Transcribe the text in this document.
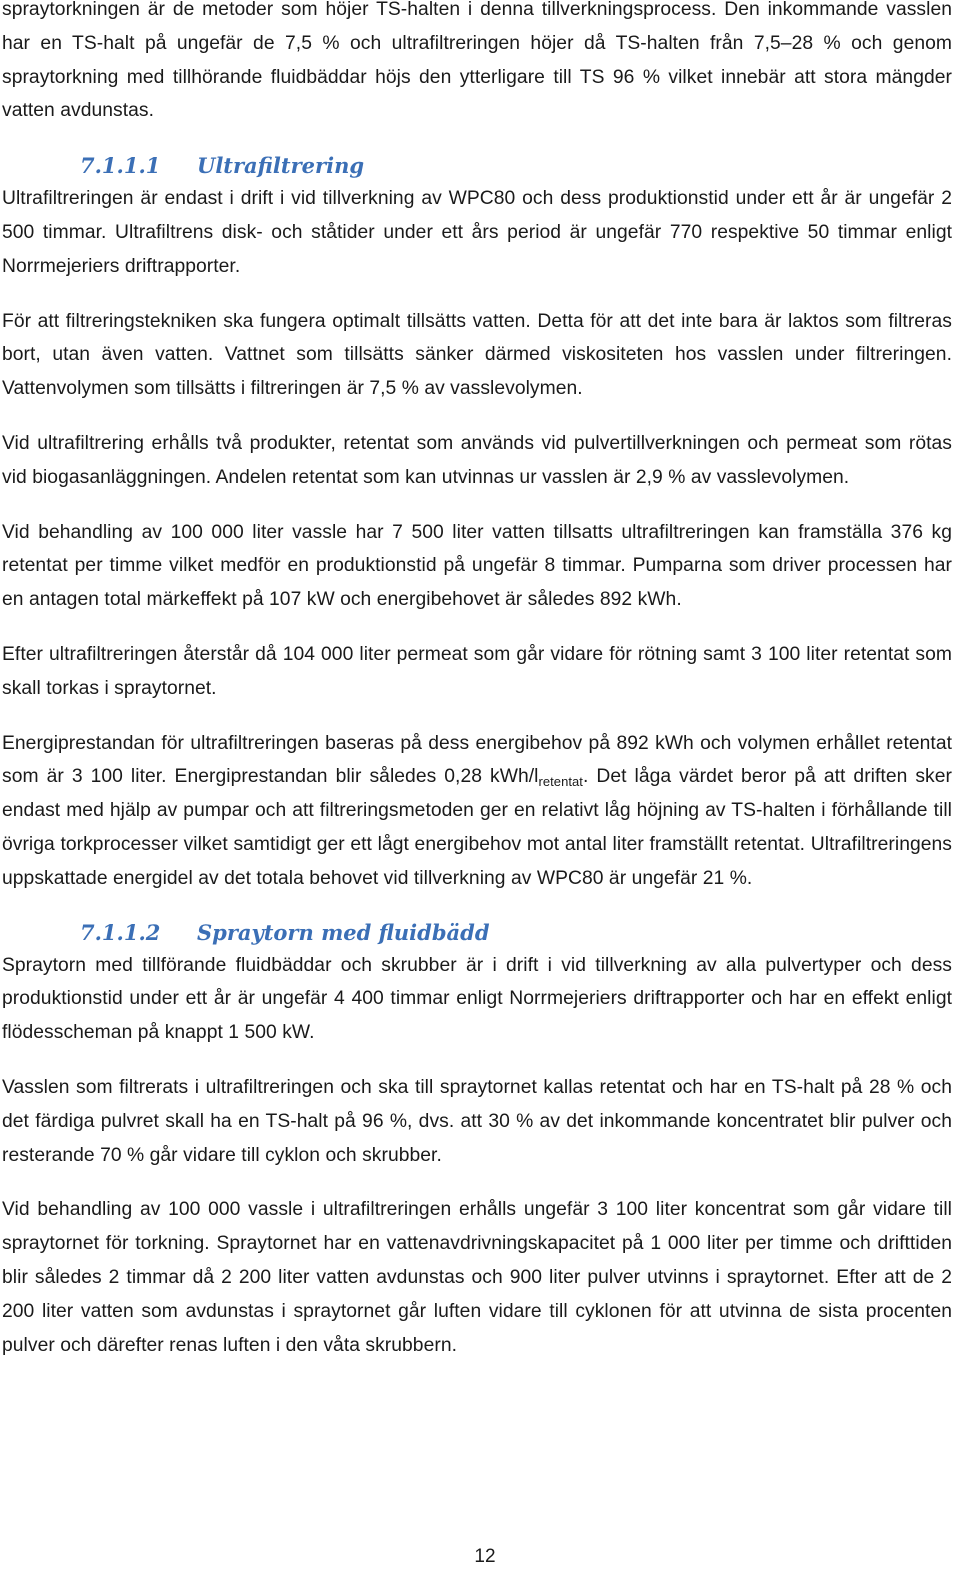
spraytorkningen är de metoder som höjer TS-halten i denna tillverkningsprocess. Den inkommande vasslen har en TS-halt på ungefär de 7,5 % och ultrafiltreringen höjer då TS-halten från 7,5–28 % och genom spraytorkning med tillhörande fluidbäddar höjs den ytterligare till TS 96 % vilket innebär att stora mängder vatten avdunstas.

7.1.1.1	Ultrafiltrering

Ultrafiltreringen är endast i drift i vid tillverkning av WPC80 och dess produktionstid under ett år är ungefär 2 500 timmar. Ultrafiltrens disk- och ståtider under ett års period är ungefär 770 respektive 50 timmar enligt Norrmejeriers driftrapporter.

För att filtreringstekniken ska fungera optimalt tillsätts vatten. Detta för att det inte bara är laktos som filtreras bort, utan även vatten. Vattnet som tillsätts sänker därmed viskositeten hos vasslen under filtreringen. Vattenvolymen som tillsätts i filtreringen är 7,5 % av vasslevolymen.

Vid ultrafiltrering erhålls två produkter, retentat som används vid pulvertillverkningen och permeat som rötas vid biogasanläggningen. Andelen retentat som kan utvinnas ur vasslen är 2,9 % av vasslevolymen.

Vid behandling av 100 000 liter vassle har 7 500 liter vatten tillsatts ultrafiltreringen kan framställa 376 kg retentat per timme vilket medför en produktionstid på ungefär 8 timmar. Pumparna som driver processen har en antagen total märkeffekt på 107 kW och energibehovet är således 892 kWh.

Efter ultrafiltreringen återstår då 104 000 liter permeat som går vidare för rötning samt 3 100 liter retentat som skall torkas i spraytornet.

Energiprestandan för ultrafiltreringen baseras på dess energibehov på 892 kWh och volymen erhållet retentat som är 3 100 liter. Energiprestandan blir således 0,28 kWh/$l_{retentat}$. Det låga värdet beror på att driften sker endast med hjälp av pumpar och att filtreringsmetoden ger en relativt låg höjning av TS-halten i förhållande till övriga torkprocesser vilket samtidigt ger ett lågt energibehov mot antal liter framställt retentat. Ultrafiltreringens uppskattade energidel av det totala behovet vid tillverkning av WPC80 är ungefär 21 %.

7.1.1.2	Spraytorn med fluidbädd

Spraytorn med tillförande fluidbäddar och skrubber är i drift i vid tillverkning av alla pulvertyper och dess produktionstid under ett år är ungefär 4 400 timmar enligt Norrmejeriers driftrapporter och har en effekt enligt flödesscheman på knappt 1 500 kW.

Vasslen som filtrerats i ultrafiltreringen och ska till spraytornet kallas retentat och har en TS-halt på 28 % och det färdiga pulvret skall ha en TS-halt på 96 %, dvs. att 30 % av det inkommande koncentratet blir pulver och resterande 70 % går vidare till cyklon och skrubber.

Vid behandling av 100 000 vassle i ultrafiltreringen erhålls ungefär 3 100 liter koncentrat som går vidare till spraytornet för torkning. Spraytornet har en vattenavdrivningskapacitet på 1 000 liter per timme och drifttiden blir således 2 timmar då 2 200 liter vatten avdunstas och 900 liter pulver utvinns i spraytornet. Efter att de 2 200 liter vatten som avdunstas i spraytornet går luften vidare till cyklonen för att utvinna de sista procenten pulver och därefter renas luften i den våta skrubbern.

12
